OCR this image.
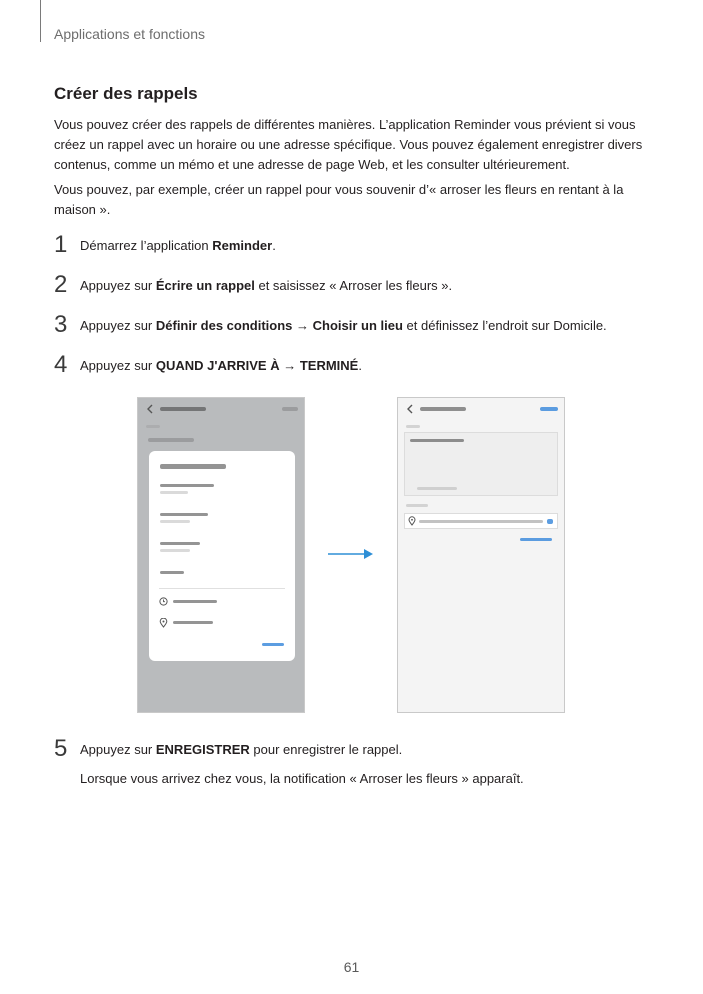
Applications et fonctions
Créer des rappels

Vous pouvez créer des rappels de différentes manières. L’application Reminder vous prévient si vous créez un rappel avec un horaire ou une adresse spécifique. Vous pouvez également enregistrer divers contenus, comme un mémo et une adresse de page Web, et les consulter ultérieurement.

Vous pouvez, par exemple, créer un rappel pour vous souvenir d’« arroser les fleurs en rentant à la maison ».

1 Démarrez l’application Reminder.
2 Appuyez sur Écrire un rappel et saisissez « Arroser les fleurs ».
3 Appuyez sur Définir des conditions → Choisir un lieu et définissez l’endroit sur Domicile.
4 Appuyez sur QUAND J'ARRIVE À → TERMINÉ.
5 Appuyez sur ENREGISTRER pour enregistrer le rappel.
Lorsque vous arrivez chez vous, la notification « Arroser les fleurs » apparaît.
61
